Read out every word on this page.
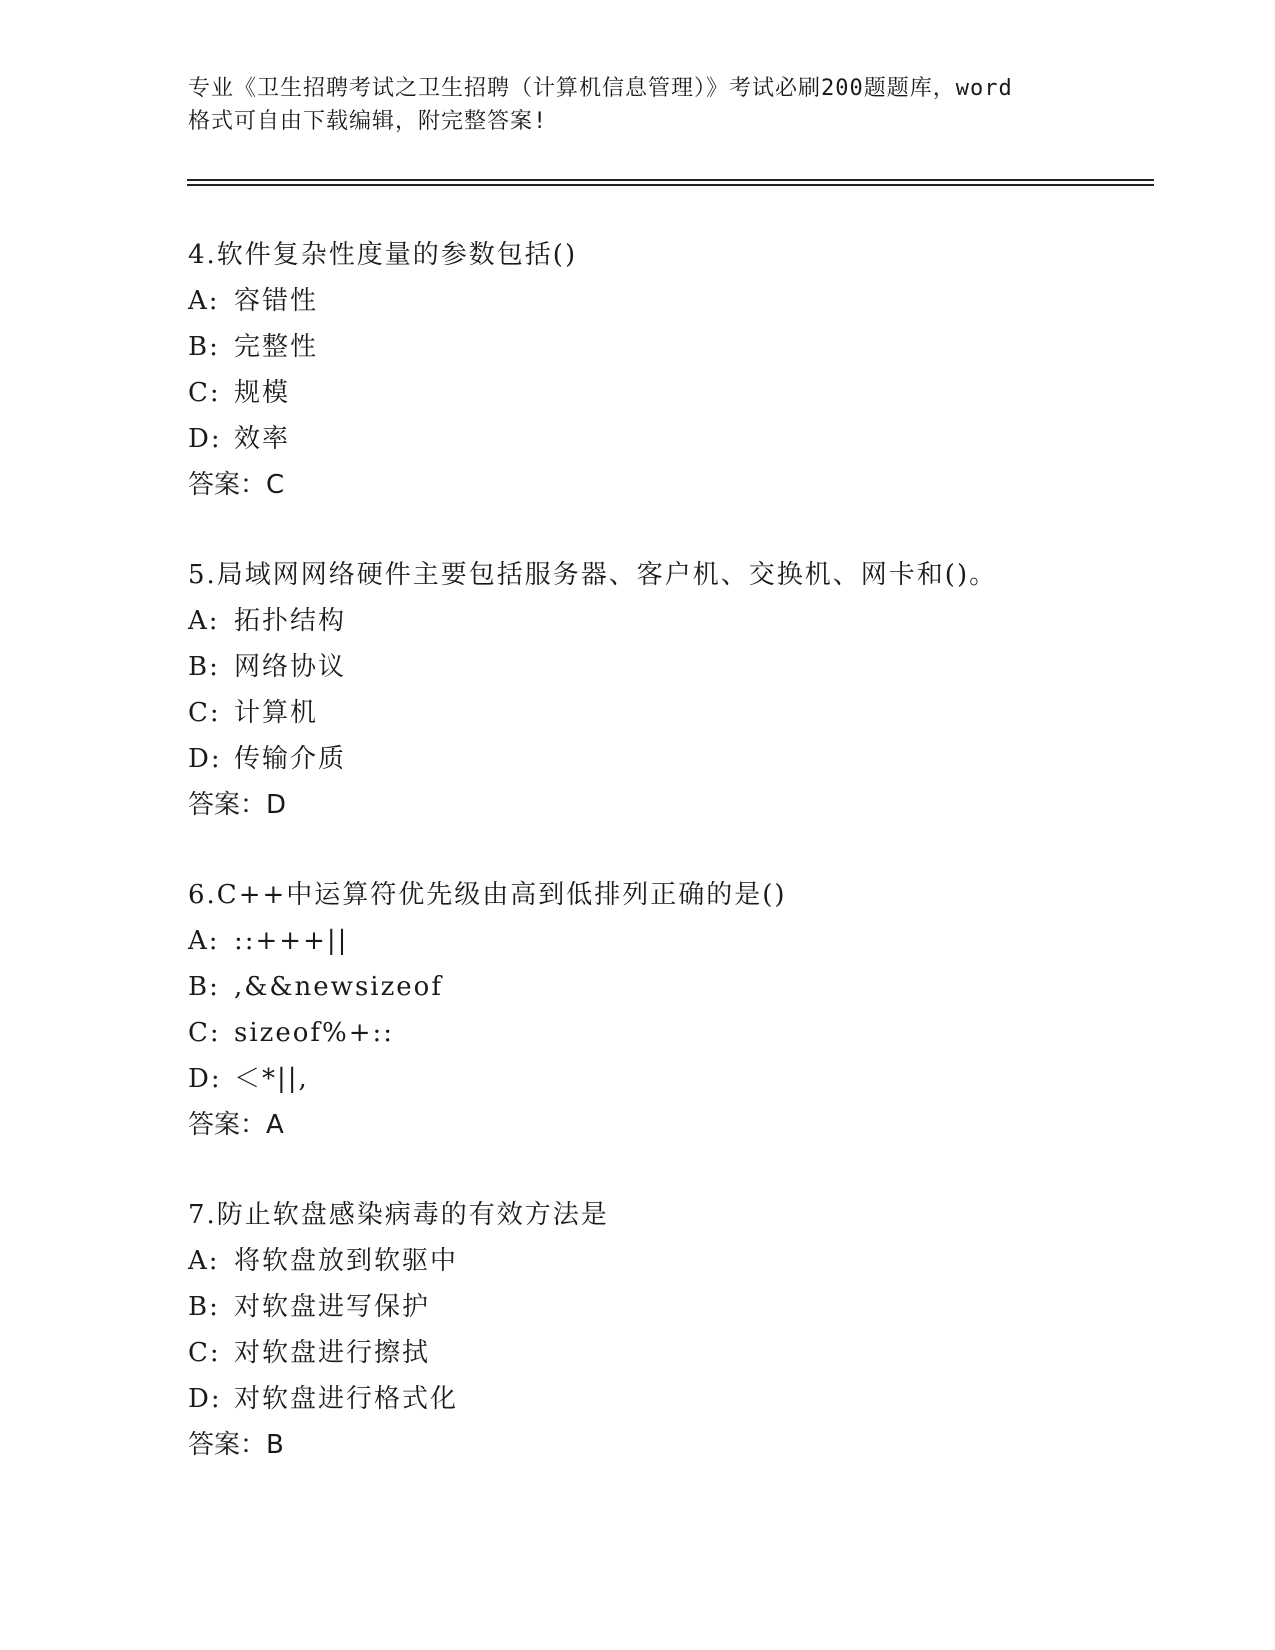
专业《卫生招聘考试之卫生招聘（计算机信息管理）》考试必刷200题题库，word
格式可自由下载编辑，附完整答案!
4.软件复杂性度量的参数包括()
A: 容错性
B: 完整性
C: 规模
D: 效率
答案：C
5.局域网网络硬件主要包括服务器、客户机、交换机、网卡和()。
A: 拓扑结构
B: 网络协议
C: 计算机
D: 传输介质
答案：D
6.C++中运算符优先级由高到低排列正确的是()
A: ::+++||
B: ,&&newsizeof
C: sizeof%+::
D: ＜*||,
答案：A
7.防止软盘感染病毒的有效方法是
A: 将软盘放到软驱中
B: 对软盘进写保护
C: 对软盘进行擦拭
D: 对软盘进行格式化
答案：B
